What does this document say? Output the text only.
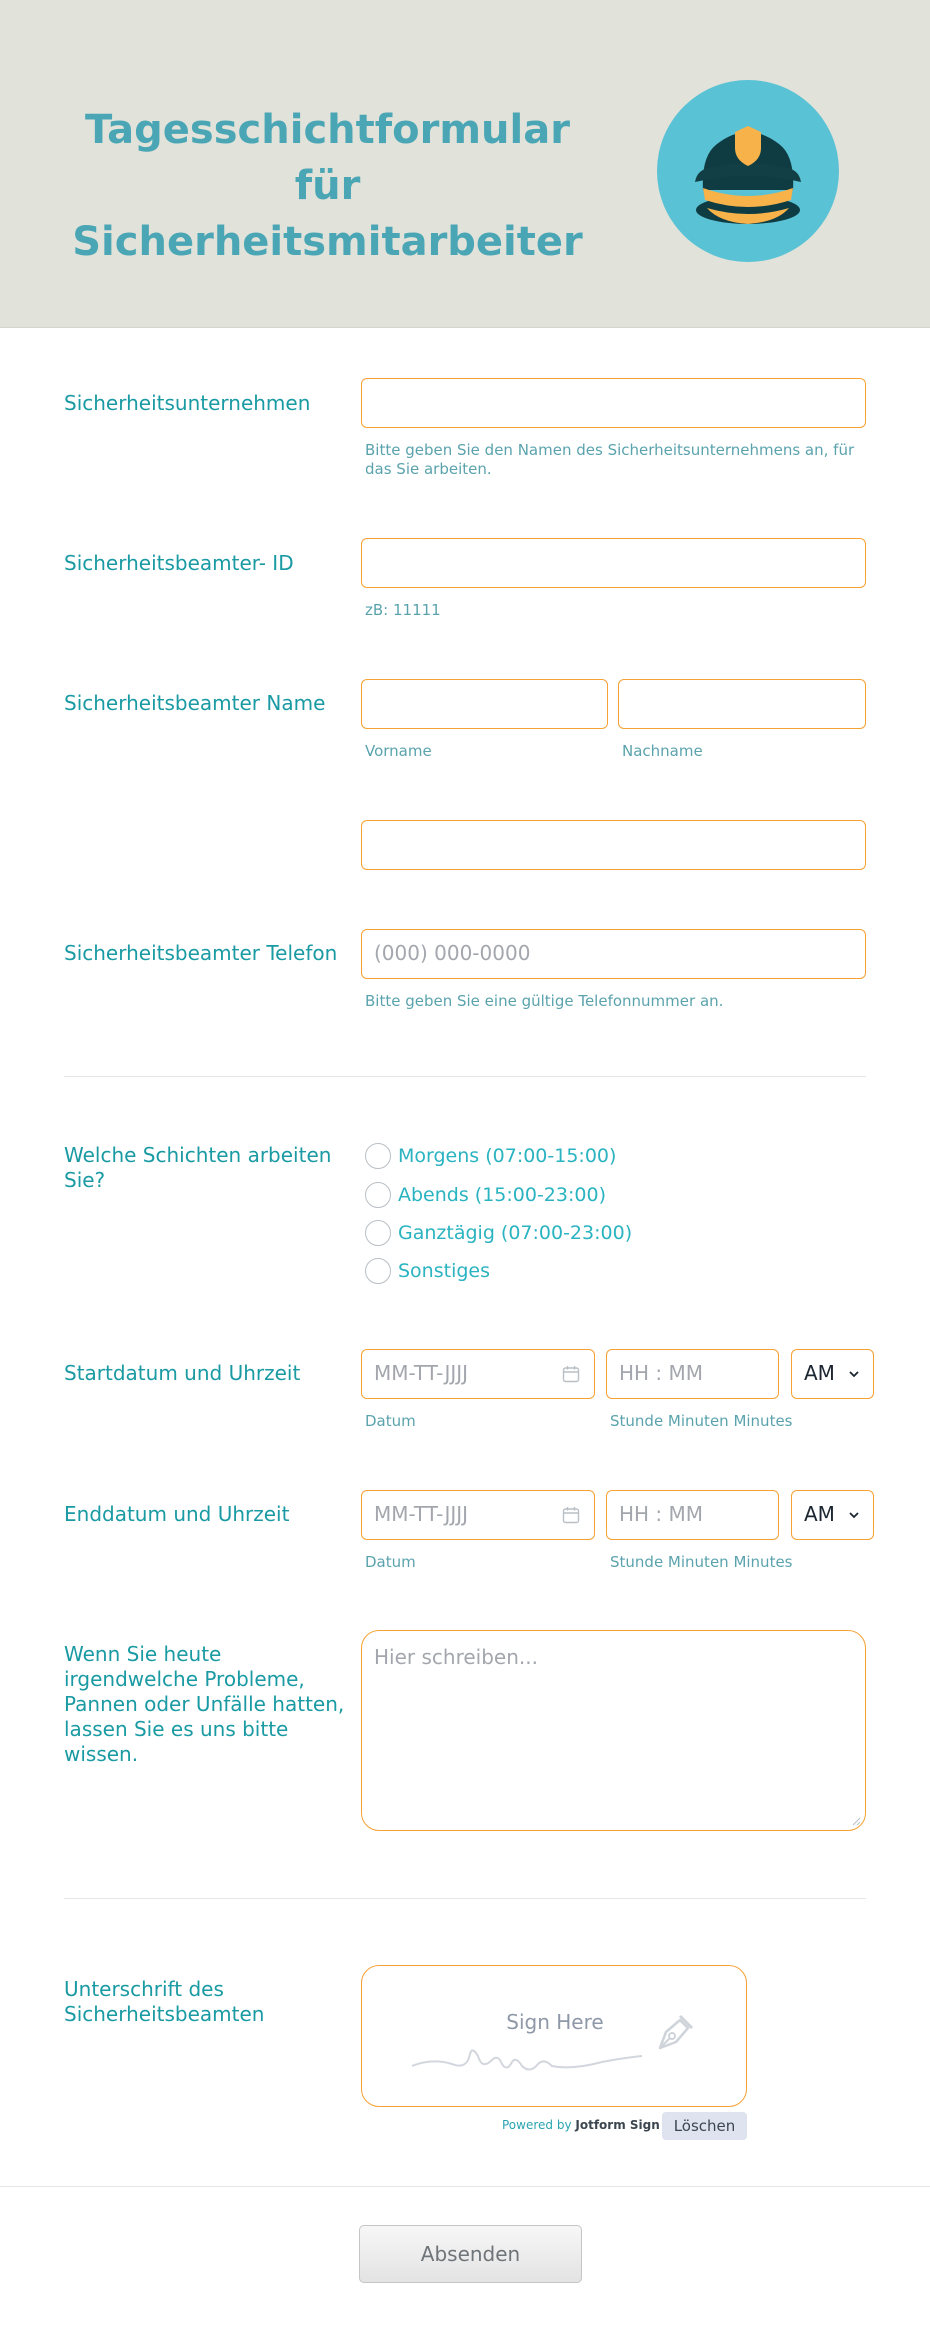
Tagesschichtformular für Sicherheitsmitarbeiter
Sicherheitsunternehmen
Bitte geben Sie den Namen des Sicherheitsunternehmens an, für das Sie arbeiten.
Sicherheitsbeamter- ID
zB: 11111
Sicherheitsbeamter Name
Vorname	Nachname
Sicherheitsbeamter Telefon	(000) 000-0000
Bitte geben Sie eine gültige Telefonnummer an.
Welche Schichten arbeiten Sie?
Morgens (07:00-15:00)
Abends (15:00-23:00)
Ganztägig (07:00-23:00)
Sonstiges
Startdatum und Uhrzeit	MM-TT-JJJJ	HH : MM	AM
Datum	Stunde Minuten Minutes
Enddatum und Uhrzeit	MM-TT-JJJJ	HH : MM	AM
Datum	Stunde Minuten Minutes
Wenn Sie heute irgendwelche Probleme, Pannen oder Unfälle hatten, lassen Sie es uns bitte wissen.
Hier schreiben...
Unterschrift des Sicherheitsbeamten	Sign Here
Powered by Jotform Sign Löschen
Absenden
